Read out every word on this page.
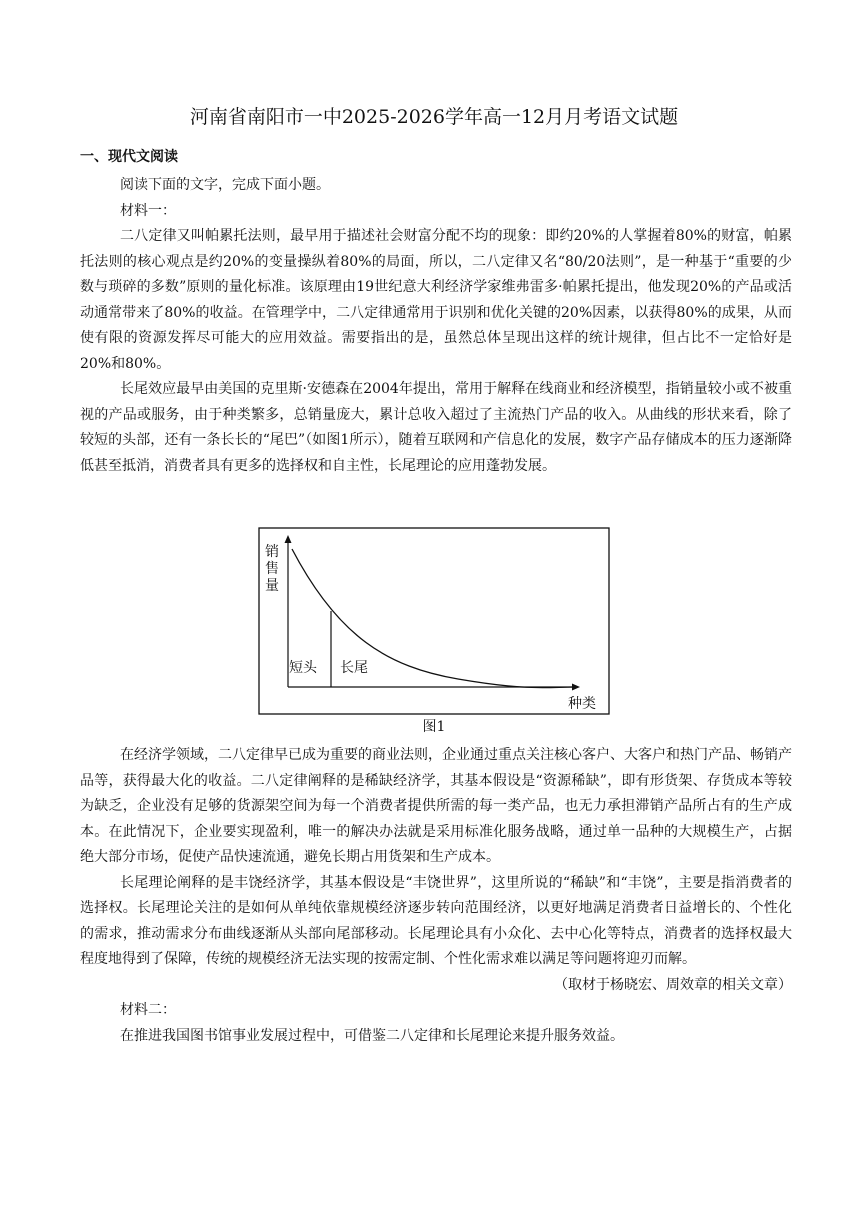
河南省南阳市一中2025-2026学年高一12月月考语文试题
一、现代文阅读

阅读下面的文字，完成下面小题。

材料一：

二八定律又叫帕累托法则，最早用于描述社会财富分配不均的现象：即约20%的人掌握着80%的财富，帕累托法则的核心观点是约20%的变量操纵着80%的局面，所以，二八定律又名“80/20法则”，是一种基于“重要的少数与琐碎的多数”原则的量化标准。该原理由19世纪意大利经济学家维弗雷多·帕累托提出，他发现20%的产品或活动通常带来了80%的收益。在管理学中，二八定律通常用于识别和优化关键的20%因素，以获得80%的成果，从而使有限的资源发挥尽可能大的应用效益。需要指出的是，虽然总体呈现出这样的统计规律，但占比不一定恰好是20%和80%。

长尾效应最早由美国的克里斯·安德森在2004年提出，常用于解释在线商业和经济模型，指销量较小或不被重视的产品或服务，由于种类繁多，总销量庞大，累计总收入超过了主流热门产品的收入。从曲线的形状来看，除了较短的头部，还有一条长长的“尾巴”（如图1所示），随着互联网和产信息化的发展，数字产品存储成本的压力逐渐降低甚至抵消，消费者具有更多的选择权和自主性，长尾理论的应用蓬勃发展。

销
售
量
短头 长尾
种类
图1

在经济学领域，二八定律早已成为重要的商业法则，企业通过重点关注核心客户、大客户和热门产品、畅销产品等，获得最大化的收益。二八定律阐释的是稀缺经济学，其基本假设是“资源稀缺”，即有形货架、存货成本等较为缺乏，企业没有足够的货源架空间为每一个消费者提供所需的每一类产品，也无力承担滞销产品所占有的生产成本。在此情况下，企业要实现盈利，唯一的解决办法就是采用标准化服务战略，通过单一品种的大规模生产，占据绝大部分市场，促使产品快速流通，避免长期占用货架和生产成本。

长尾理论阐释的是丰饶经济学，其基本假设是“丰饶世界”，这里所说的“稀缺”和“丰饶”，主要是指消费者的选择权。长尾理论关注的是如何从单纯依靠规模经济逐步转向范围经济，以更好地满足消费者日益增长的、个性化的需求，推动需求分布曲线逐渐从头部向尾部移动。长尾理论具有小众化、去中心化等特点，消费者的选择权最大程度地得到了保障，传统的规模经济无法实现的按需定制、个性化需求难以满足等问题将迎刃而解。

（取材于杨晓宏、周效章的相关文章）

材料二：

在推进我国图书馆事业发展过程中，可借鉴二八定律和长尾理论来提升服务效益。
